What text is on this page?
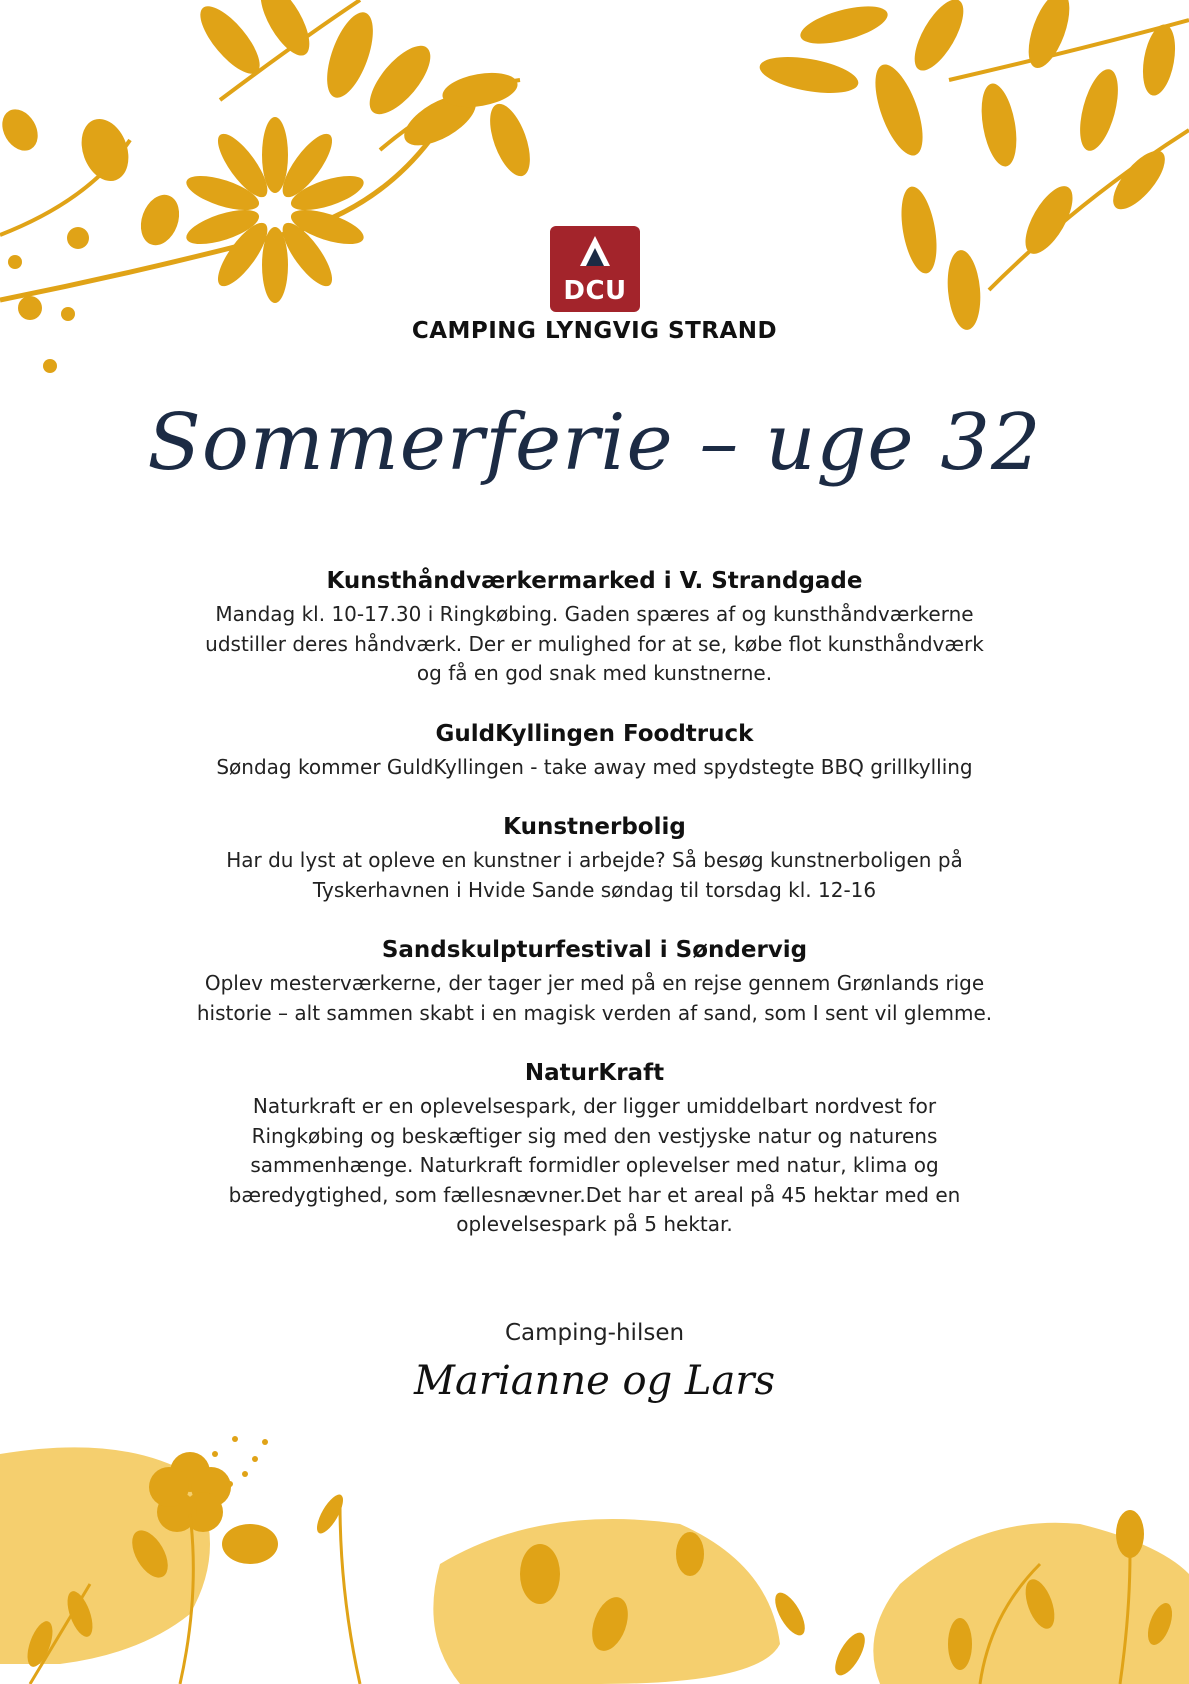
DCU
CAMPING LYNGVIG STRAND
Sommerferie – uge 32
Kunsthåndværkermarked i V. Strandgade

Mandag kl. 10-17.30 i Ringkøbing. Gaden spæres af og kunsthåndværkerne
udstiller deres håndværk. Der er mulighed for at se, købe flot kunsthåndværk
og få en god snak med kunstnerne.

GuldKyllingen Foodtruck

Søndag kommer GuldKyllingen - take away med spydstegte BBQ grillkylling

Kunstnerbolig

Har du lyst at opleve en kunstner i arbejde? Så besøg kunstnerboligen på
Tyskerhavnen i Hvide Sande søndag til torsdag kl. 12-16

Sandskulpturfestival i Søndervig

Oplev mesterværkerne, der tager jer med på en rejse gennem Grønlands rige
historie – alt sammen skabt i en magisk verden af sand, som I sent vil glemme.

NaturKraft

Naturkraft er en oplevelsespark, der ligger umiddelbart nordvest for
Ringkøbing og beskæftiger sig med den vestjyske natur og naturens
sammenhænge. Naturkraft formidler oplevelser med natur, klima og
bæredygtighed, som fællesnævner.Det har et areal på 45 hektar med en
oplevelsespark på 5 hektar.

Camping-hilsen
Marianne og Lars
